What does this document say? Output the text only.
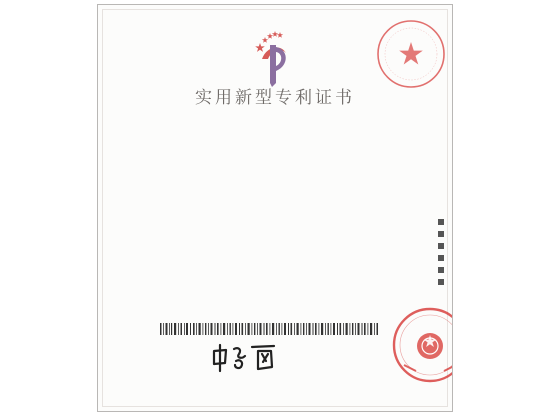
实用新型专利证书
